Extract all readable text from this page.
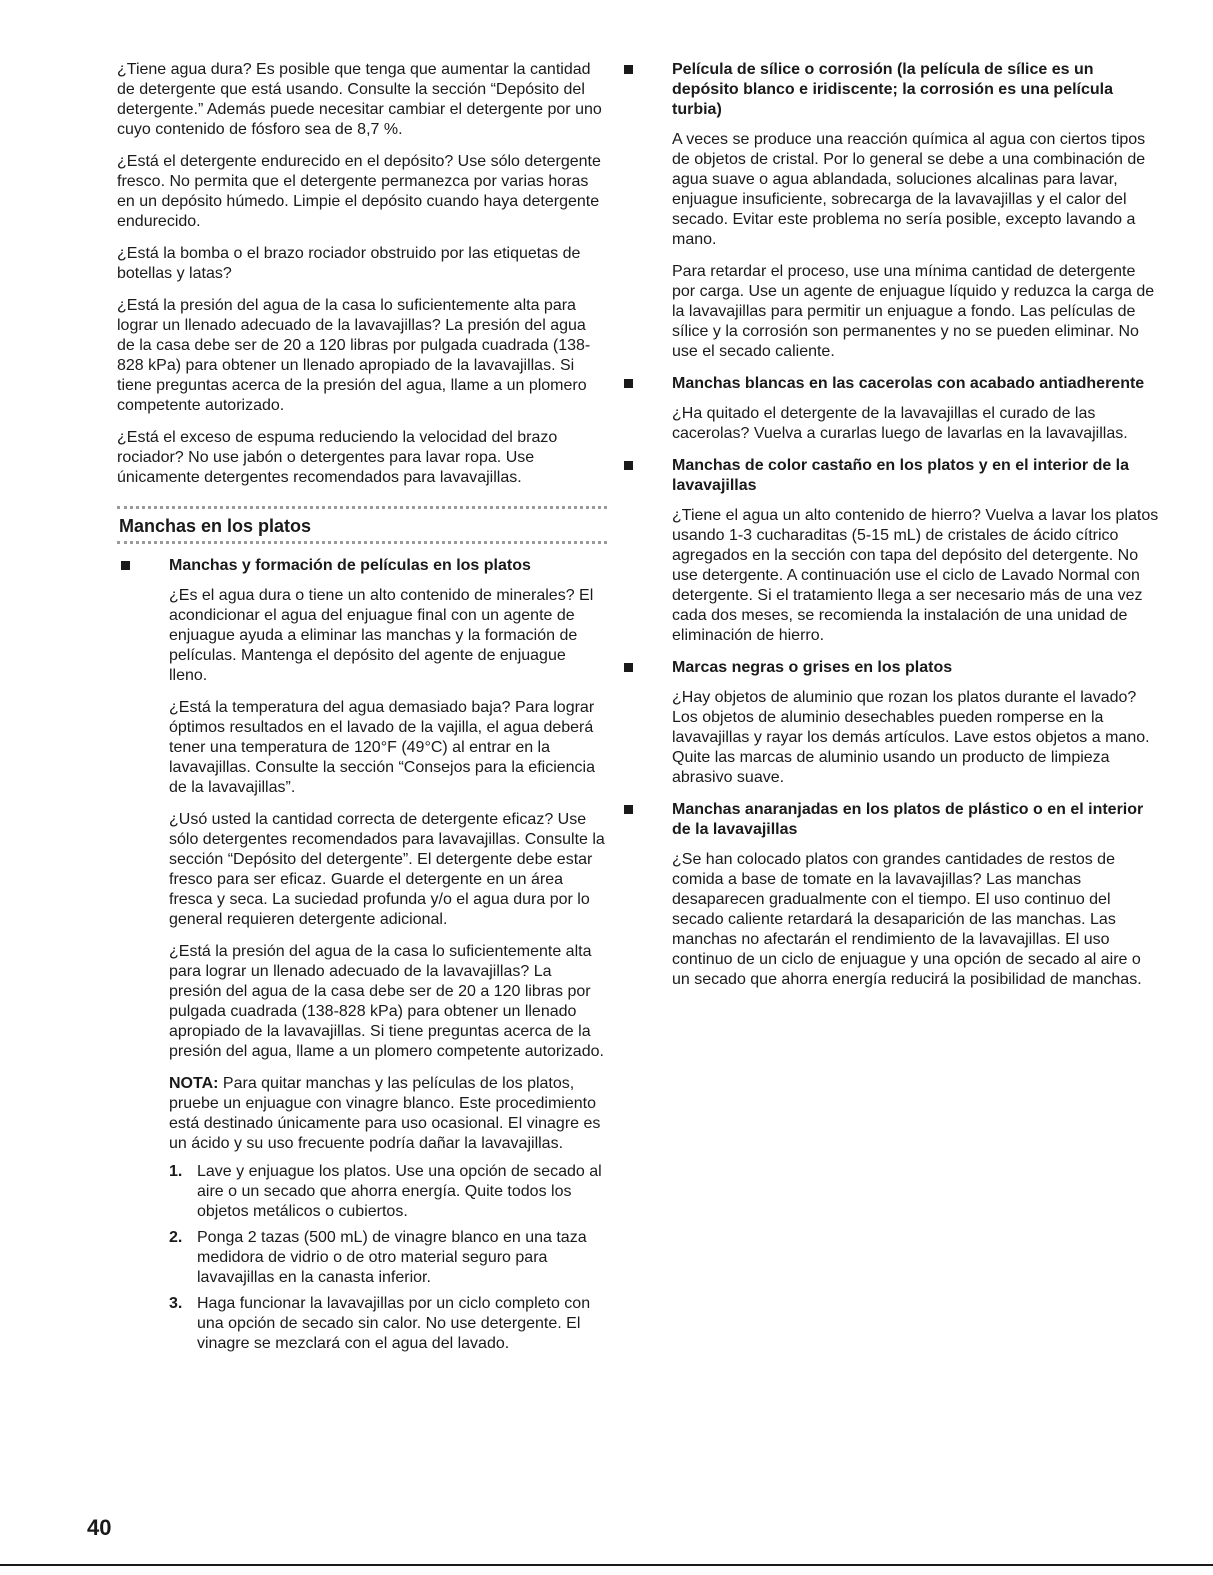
¿Tiene agua dura? Es posible que tenga que aumentar la cantidad de detergente que está usando. Consulte la sección “Depósito del detergente.” Además puede necesitar cambiar el detergente por uno cuyo contenido de fósforo sea de 8,7 %.

¿Está el detergente endurecido en el depósito? Use sólo detergente fresco. No permita que el detergente permanezca por varias horas en un depósito húmedo. Limpie el depósito cuando haya detergente endurecido.

¿Está la bomba o el brazo rociador obstruido por las etiquetas de botellas y latas?

¿Está la presión del agua de la casa lo suficientemente alta para lograr un llenado adecuado de la lavavajillas? La presión del agua de la casa debe ser de 20 a 120 libras por pulgada cuadrada (138-828 kPa) para obtener un llenado apropiado de la lavavajillas. Si tiene preguntas acerca de la presión del agua, llame a un plomero competente autorizado.

¿Está el exceso de espuma reduciendo la velocidad del brazo rociador? No use jabón o detergentes para lavar ropa. Use únicamente detergentes recomendados para lavavajillas.

Manchas en los platos
Manchas y formación de películas en los platos

¿Es el agua dura o tiene un alto contenido de minerales? El acondicionar el agua del enjuague final con un agente de enjuague ayuda a eliminar las manchas y la formación de películas. Mantenga el depósito del agente de enjuague lleno.

¿Está la temperatura del agua demasiado baja? Para lograr óptimos resultados en el lavado de la vajilla, el agua deberá tener una temperatura de 120°F (49°C) al entrar en la lavavajillas. Consulte la sección “Consejos para la eficiencia de la lavavajillas”.

¿Usó usted la cantidad correcta de detergente eficaz? Use sólo detergentes recomendados para lavavajillas. Consulte la sección “Depósito del detergente”. El detergente debe estar fresco para ser eficaz. Guarde el detergente en un área fresca y seca. La suciedad profunda y/o el agua dura por lo general requieren detergente adicional.

¿Está la presión del agua de la casa lo suficientemente alta para lograr un llenado adecuado de la lavavajillas? La presión del agua de la casa debe ser de 20 a 120 libras por pulgada cuadrada (138-828 kPa) para obtener un llenado apropiado de la lavavajillas. Si tiene preguntas acerca de la presión del agua, llame a un plomero competente autorizado.

NOTA: Para quitar manchas y las películas de los platos, pruebe un enjuague con vinagre blanco. Este procedimiento está destinado únicamente para uso ocasional. El vinagre es un ácido y su uso frecuente podría dañar la lavavajillas.

1. Lave y enjuague los platos. Use una opción de secado al aire o un secado que ahorra energía. Quite todos los objetos metálicos o cubiertos.
2. Ponga 2 tazas (500 mL) de vinagre blanco en una taza medidora de vidrio o de otro material seguro para lavavajillas en la canasta inferior.
3. Haga funcionar la lavavajillas por un ciclo completo con una opción de secado sin calor. No use detergente. El vinagre se mezclará con el agua del lavado.
Película de sílice o corrosión (la película de sílice es un depósito blanco e iridiscente; la corrosión es una película turbia)

A veces se produce una reacción química al agua con ciertos tipos de objetos de cristal. Por lo general se debe a una combinación de agua suave o agua ablandada, soluciones alcalinas para lavar, enjuague insuficiente, sobrecarga de la lavavajillas y el calor del secado. Evitar este problema no sería posible, excepto lavando a mano.

Para retardar el proceso, use una mínima cantidad de detergente por carga. Use un agente de enjuague líquido y reduzca la carga de la lavavajillas para permitir un enjuague a fondo. Las películas de sílice y la corrosión son permanentes y no se pueden eliminar. No use el secado caliente.

Manchas blancas en las cacerolas con acabado antiadherente

¿Ha quitado el detergente de la lavavajillas el curado de las cacerolas? Vuelva a curarlas luego de lavarlas en la lavavajillas.

Manchas de color castaño en los platos y en el interior de la lavavajillas

¿Tiene el agua un alto contenido de hierro? Vuelva a lavar los platos usando 1-3 cucharaditas (5-15 mL) de cristales de ácido cítrico agregados en la sección con tapa del depósito del detergente. No use detergente. A continuación use el ciclo de Lavado Normal con detergente. Si el tratamiento llega a ser necesario más de una vez cada dos meses, se recomienda la instalación de una unidad de eliminación de hierro.

Marcas negras o grises en los platos

¿Hay objetos de aluminio que rozan los platos durante el lavado? Los objetos de aluminio desechables pueden romperse en la lavavajillas y rayar los demás artículos. Lave estos objetos a mano. Quite las marcas de aluminio usando un producto de limpieza abrasivo suave.

Manchas anaranjadas en los platos de plástico o en el interior de la lavavajillas

¿Se han colocado platos con grandes cantidades de restos de comida a base de tomate en la lavavajillas? Las manchas desaparecen gradualmente con el tiempo. El uso continuo del secado caliente retardará la desaparición de las manchas. Las manchas no afectarán el rendimiento de la lavavajillas. El uso continuo de un ciclo de enjuague y una opción de secado al aire o un secado que ahorra energía reducirá la posibilidad de manchas.

40
